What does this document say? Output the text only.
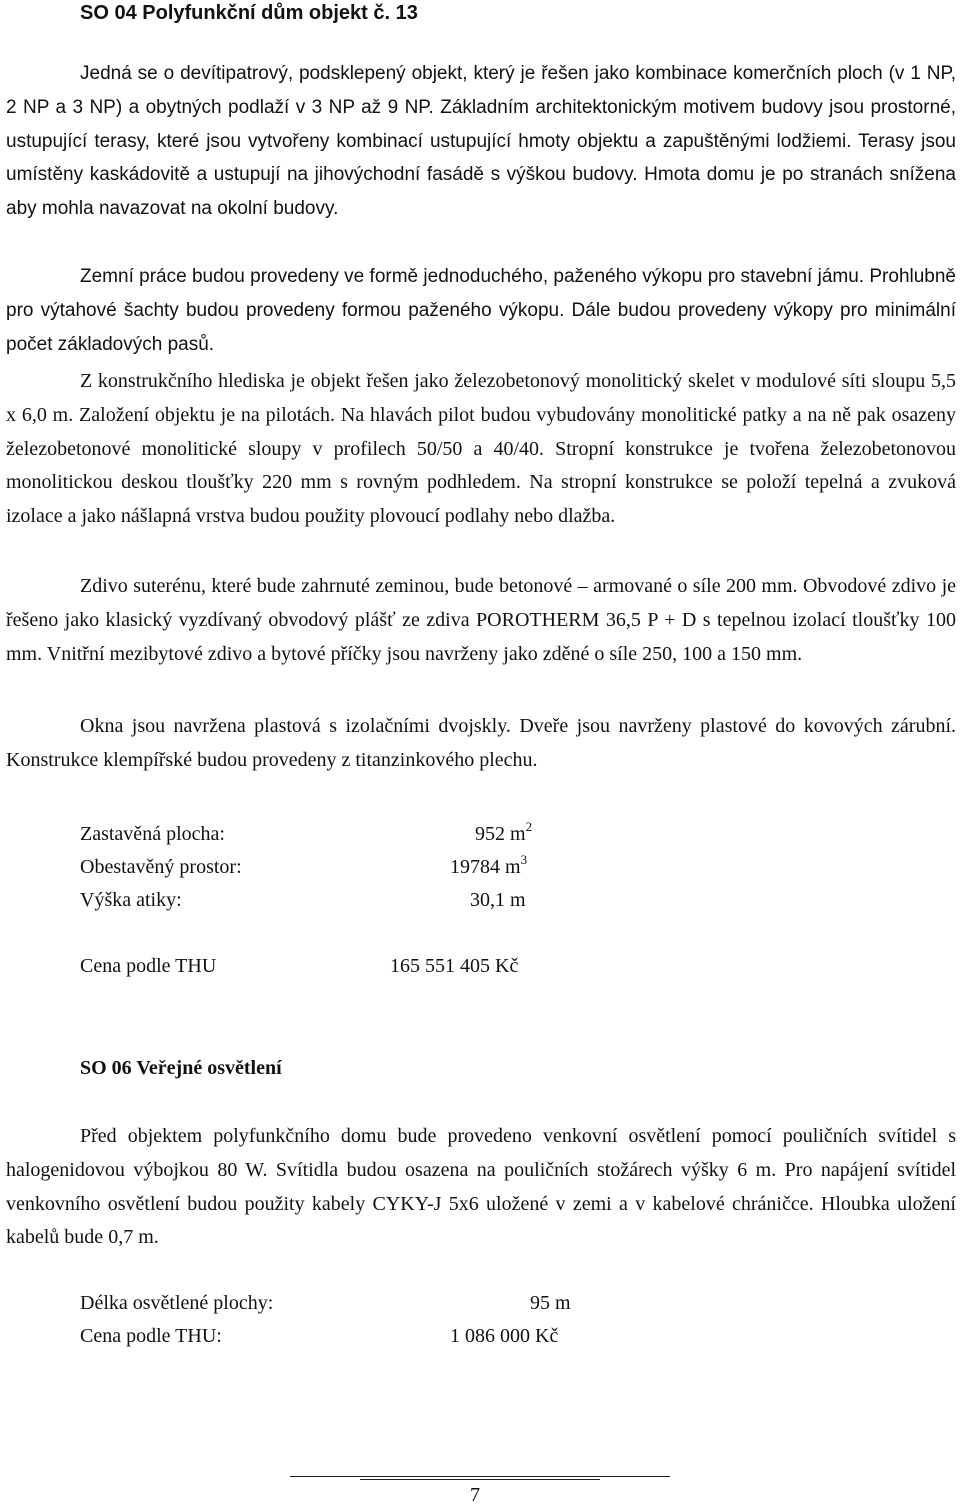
SO 04 Polyfunkční dům objekt č. 13

Jedná se o devítipatrový, podsklepený objekt, který je řešen jako kombinace komerčních ploch (v 1 NP, 2 NP a 3 NP) a obytných podlaží v 3 NP až 9 NP. Základním architektonickým motivem budovy jsou prostorné, ustupující terasy, které jsou vytvořeny kombinací ustupující hmoty objektu a zapuštěnými lodžiemi. Terasy jsou umístěny kaskádovitě a ustupují na jihovýchodní fasádě s výškou budovy. Hmota domu je po stranách snížena aby mohla navazovat na okolní budovy.

Zemní práce budou provedeny ve formě jednoduchého, paženého výkopu pro stavební jámu. Prohlubně pro výtahové šachty budou provedeny formou paženého výkopu. Dále budou provedeny výkopy pro minimální počet základových pasů.

Z konstrukčního hlediska je objekt řešen jako železobetonový monolitický skelet v modulové síti sloupu 5,5 x 6,0 m. Založení objektu je na pilotách. Na hlavách pilot budou vybudovány monolitické patky a na ně pak osazeny železobetonové monolitické sloupy v profilech 50/50 a 40/40. Stropní konstrukce je tvořena železobetonovou monolitickou deskou tloušťky 220 mm s rovným podhledem. Na stropní konstrukce se položí tepelná a zvuková izolace a jako nášlapná vrstva budou použity plovoucí podlahy nebo dlažba.

Zdivo suterénu, které bude zahrnuté zeminou, bude betonové – armované o síle 200 mm. Obvodové zdivo je řešeno jako klasický vyzdívaný obvodový plášť ze zdiva POROTHERM 36,5 P + D s tepelnou izolací tloušťky 100 mm. Vnitřní mezibytové zdivo a bytové příčky jsou navrženy jako zděné o síle 250, 100 a 150 mm.

Okna jsou navržena plastová s izolačními dvojskly. Dveře jsou navrženy plastové do kovových zárubní. Konstrukce klempířské budou provedeny z titanzinkového plechu.

Zastavěná plocha:	952 $m^2$
Obestavěný prostor:	19784 $m^3$
Výška atiky:	30,1 m
Cena podle THU	165 551 405 Kč
SO 06 Veřejné osvětlení

Před objektem polyfunkčního domu bude provedeno venkovní osvětlení pomocí pouličních svítidel s halogenidovou výbojkou 80 W. Svítidla budou osazena na pouličních stožárech výšky 6 m. Pro napájení svítidel venkovního osvětlení budou použity kabely CYKY-J 5x6 uložené v zemi a v kabelové chráničce. Hloubka uložení kabelů bude 0,7 m.

Délka osvětlené plochy:	95 m
Cena podle THU:	1 086 000 Kč
7
